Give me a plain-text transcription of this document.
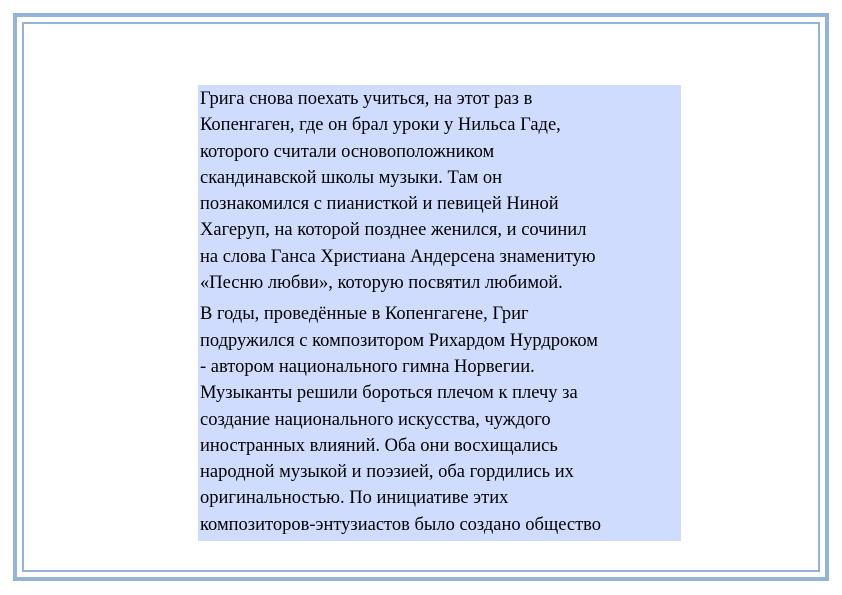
Грига снова поехать учиться, на этот раз в
Копенгаген, где он брал уроки у Нильса Гаде,
которого считали основоположником
скандинавской школы музыки. Там он
познакомился с пианисткой и певицей Ниной
Хагеруп, на которой позднее женился, и сочинил
на слова Ганса Христиана Андерсена знаменитую
«Песню любви», которую посвятил любимой.

В годы, проведённые в Копенгагене, Григ
подружился с композитором Рихардом Нурдроком
- автором национального гимна Норвегии.
Музыканты решили бороться плечом к плечу за
создание национального искусства, чуждого
иностранных влияний. Оба они восхищались
народной музыкой и поэзией, оба гордились их
оригинальностью. По инициативе этих
композиторов-энтузиастов было создано общество
